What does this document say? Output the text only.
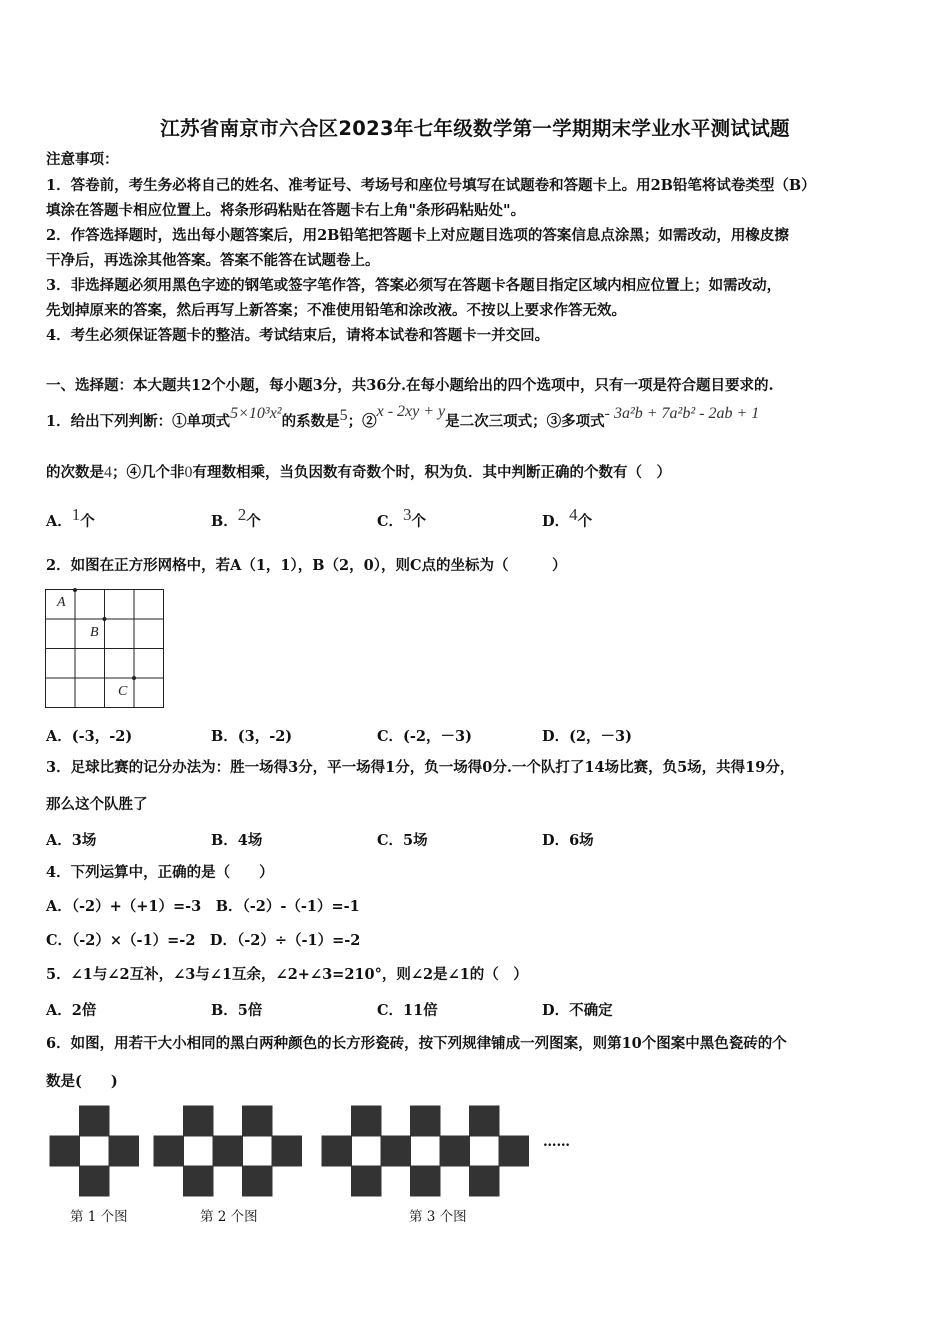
江苏省南京市六合区2023年七年级数学第一学期期末学业水平测试试题
注意事项：
1．答卷前，考生务必将自己的姓名、准考证号、考场号和座位号填写在试题卷和答题卡上。用2B铅笔将试卷类型（B）
填涂在答题卡相应位置上。将条形码粘贴在答题卡右上角"条形码粘贴处"。
2．作答选择题时，选出每小题答案后，用2B铅笔把答题卡上对应题目选项的答案信息点涂黑；如需改动，用橡皮擦
干净后，再选涂其他答案。答案不能答在试题卷上。
3．非选择题必须用黑色字迹的钢笔或签字笔作答，答案必须写在答题卡各题目指定区域内相应位置上；如需改动，
先划掉原来的答案，然后再写上新答案；不准使用铅笔和涂改液。不按以上要求作答无效。
4．考生必须保证答题卡的整洁。考试结束后，请将本试卷和答题卡一并交回。
一、选择题：本大题共12个小题，每小题3分，共36分.在每小题给出的四个选项中，只有一项是符合题目要求的.
1．给出下列判断：①单项式5×10³x²的系数是5；②x - 2xy + y是二次三项式；③多项式- 3a²b + 7a²b² - 2ab + 1
的次数是4；④几个非0有理数相乘，当负因数有奇数个时，积为负．其中判断正确的个数有（　）
A．1个	B．2个	C．3个	D．4个
2．如图在正方形网格中，若A（1，1），B（2，0），则C点的坐标为（　　　）
A
B
C
A．(-3，-2)	B．(3，-2)	C．(-2，－3)	D．(2，－3)
3．足球比赛的记分办法为：胜一场得3分，平一场得1分，负一场得0分.一个队打了14场比赛，负5场，共得19分，
那么这个队胜了
A．3场	B．4场	C．5场	D．6场
4．下列运算中，正确的是（　　）
A．（-2）+（+1）=-3　B．（-2）-（-1）=-1
C．（-2）×（-1）=-2　D．（-2）÷（-1）=-2
5．∠1与∠2互补，∠3与∠1互余，∠2+∠3=210°，则∠2是∠1的（　）
A．2倍	B．5倍	C．11倍	D．不确定
6．如图，用若干大小相同的黑白两种颜色的长方形瓷砖，按下列规律铺成一列图案，则第10个图案中黑色瓷砖的个
数是(　　)
……
第 1 个图	第 2 个图	第 3 个图
